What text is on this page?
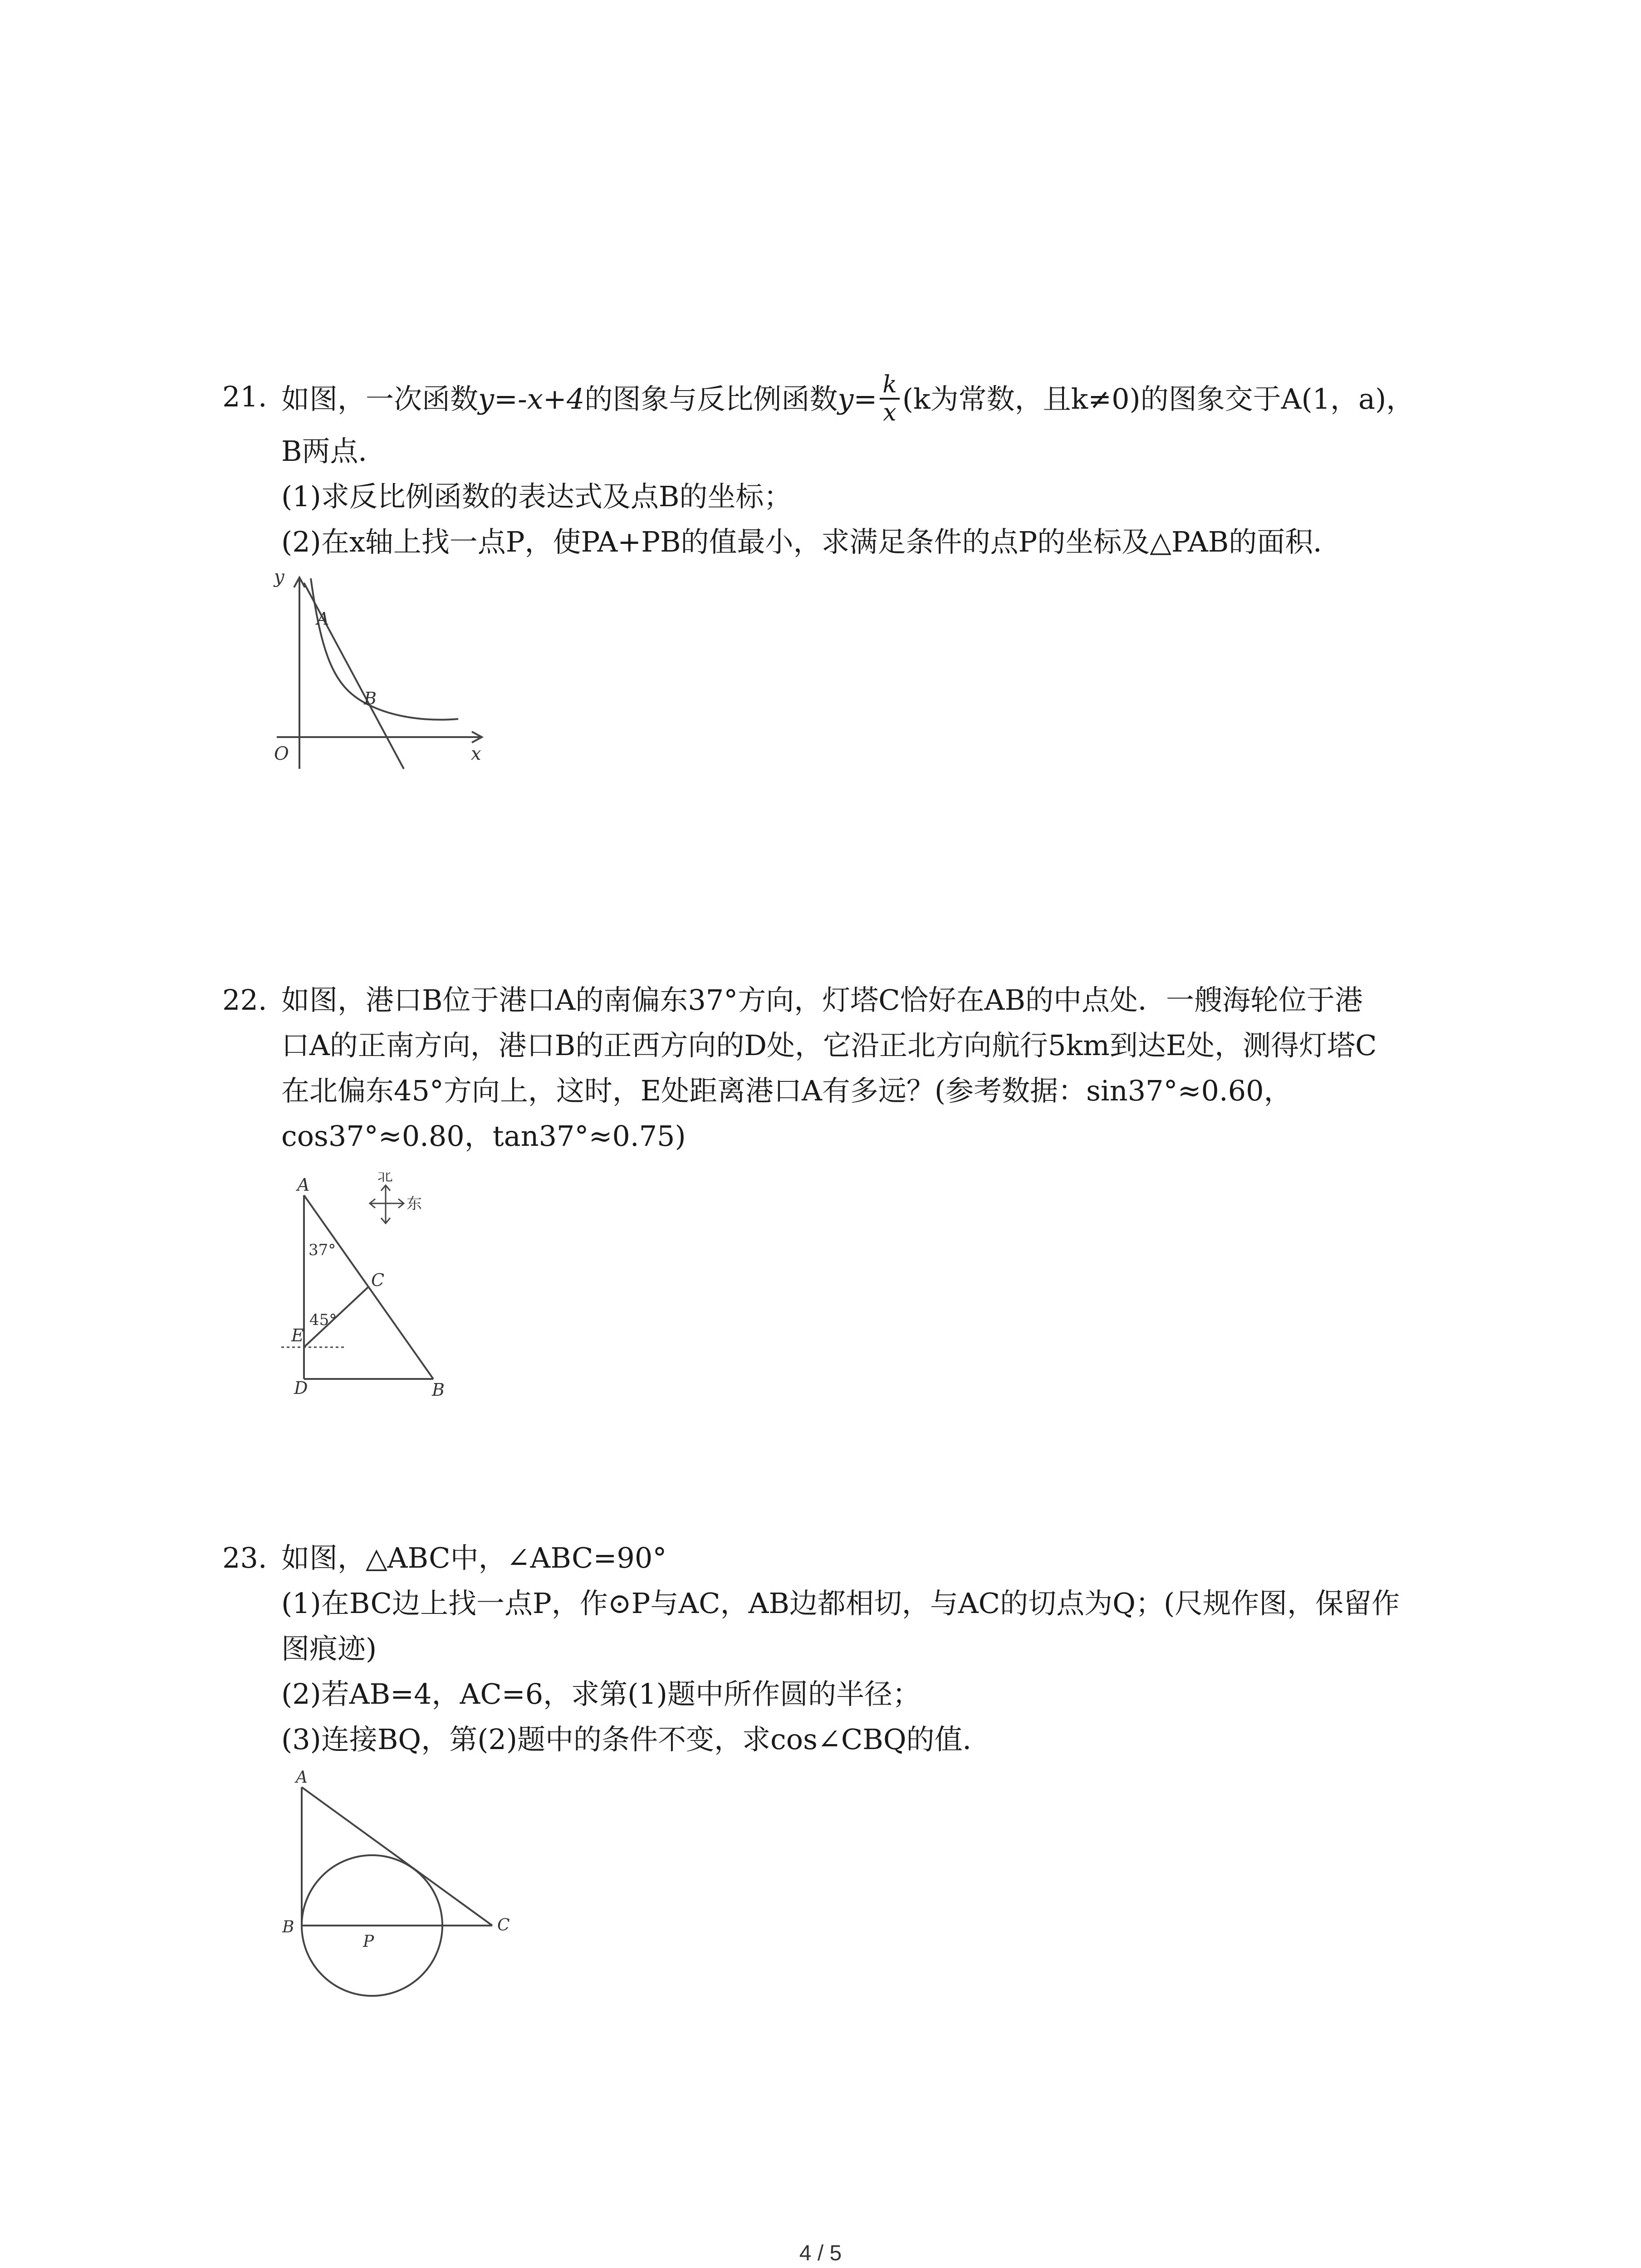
21. 如图，一次函数y=-x+4的图象与反比例函数$y= \frac{k}{x} (k$为常数，且k≠0)的图象交于A(1，a)，
B两点．
(1)求反比例函数的表达式及点B的坐标；
(2)在x轴上找一点P，使PA+PB的值最小，求满足条件的点P的坐标及△PAB的面积．
y
x
O
A
B
22. 如图，港口B位于港口A的南偏东37°方向，灯塔C恰好在AB的中点处．一艘海轮位于港
口A的正南方向，港口B的正西方向的D处，它沿正北方向航行5km到达E处，测得灯塔C
在北偏东45°方向上，这时，E处距离港口A有多远？(参考数据：sin37°≈0.60，
cos37°≈0.80，tan37°≈0.75)
A
D	B
C
E
37°
45°
北
东
23. 如图，△ABC中，∠ABC=90°
(1)在BC边上找一点P，作⊙P与AC，AB边都相切，与AC的切点为Q；(尺规作图，保留作
图痕迹)
(2)若AB=4，AC=6，求第(1)题中所作圆的半径；
(3)连接BQ，第(2)题中的条件不变，求cos∠CBQ的值．
A
B	C
P
4 / 5
